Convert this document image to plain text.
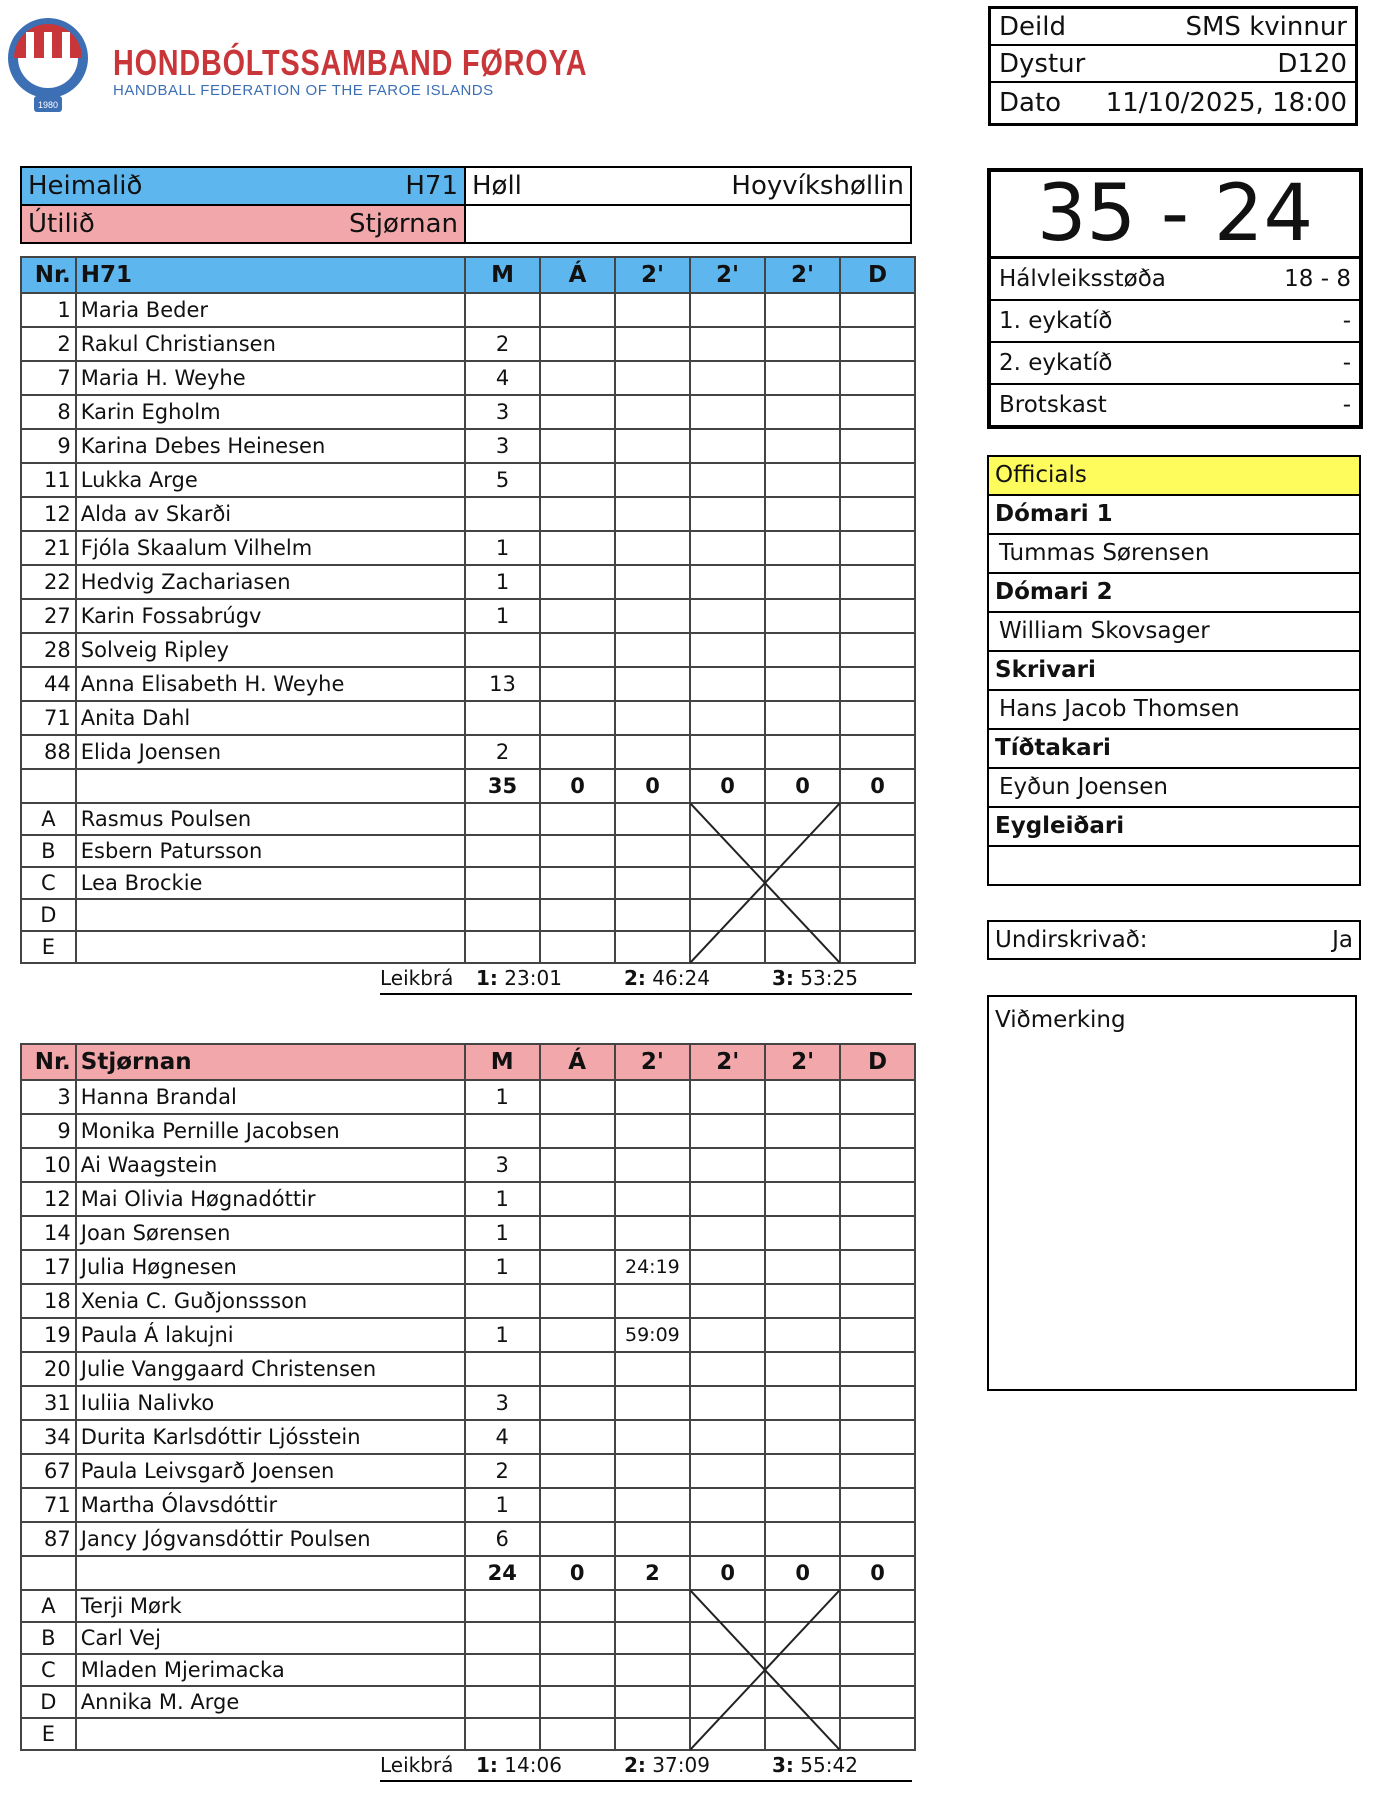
1980
HONDBÓLTSSAMBAND FØROYA
HANDBALL FEDERATION OF THE FAROE ISLANDS
Deild	SMS kvinnur
Dystur	D120
Dato	11/10/2025, 18:00
Heimalið H71	Høll Hoyvíkshøllin

Útilið Stjørnan	

Nr.	H71	M	Á	2'	2'	2'	D
1	Maria Beder						
2	Rakul Christiansen	2					
7	Maria H. Weyhe	4					
8	Karin Egholm	3					
9	Karina Debes Heinesen	3					
11	Lukka Arge	5					
12	Alda av Skarði						
21	Fjóla Skaalum Vilhelm	1					
22	Hedvig Zachariasen	1					
27	Karin Fossabrúgv	1					
28	Solveig Ripley						
44	Anna Elisabeth H. Weyhe	13					
71	Anita Dahl						
88	Elida Joensen	2					
		35	0	0	0	0	0
A	Rasmus Poulsen						
B	Esbern Patursson						
C	Lea Brockie						
D							
E							
Leikbrá 1: 23:01	2: 46:24	3: 53:25
Nr.	Stjørnan	M	Á	2'	2'	2'	D
3	Hanna Brandal	1					
9	Monika Pernille Jacobsen						
10	Ai Waagstein	3					
12	Mai Olivia Høgnadóttir	1					
14	Joan Sørensen	1					
17	Julia Høgnesen	1		24:19			
18	Xenia C. Guðjonssson						
19	Paula Á lakujni	1		59:09			
20	Julie Vanggaard Christensen						
31	Iuliia Nalivko	3					
34	Durita Karlsdóttir Ljósstein	4					
67	Paula Leivsgarð Joensen	2					
71	Martha Ólavsdóttir	1					
87	Jancy Jógvansdóttir Poulsen	6					
		24	0	2	0	0	0
A	Terji Mørk						
B	Carl Vej						
C	Mladen Mjerimacka						
D	Annika M. Arge						
E							
Leikbrá 1: 14:06	2: 37:09	3: 55:42
35 - 24
Hálvleiksstøða	18 - 8
1. eykatíð	-
2. eykatíð	-
Brotskast	-
Officials
Dómari 1
Tummas Sørensen
Dómari 2
William Skovsager
Skrivari
Hans Jacob Thomsen
Tíðtakari
Eyðun Joensen
Eygleiðari
Undirskrivað:	Ja
Viðmerking
